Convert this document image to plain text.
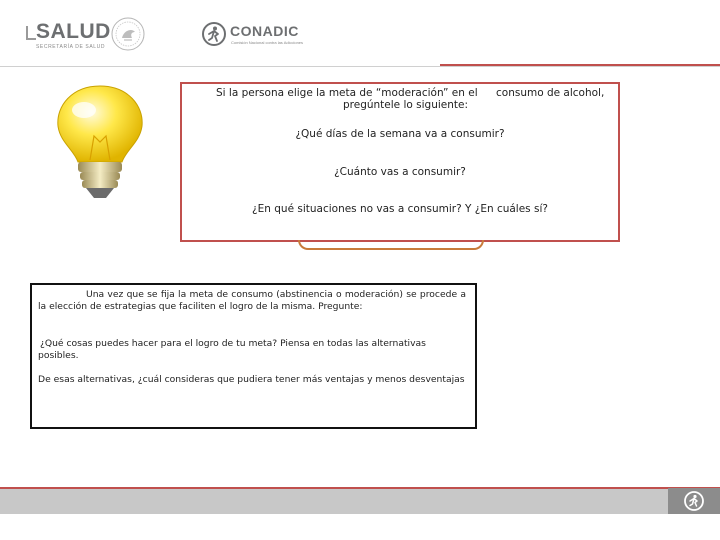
SALUD
SECRETARÍA DE SALUD
CONADIC
Comisión Nacional contra las Adicciones
Si la persona elige la meta de “moderación” en el	consumo de alcohol,
pregúntele lo siguiente:
¿Qué días de la semana va a consumir?
¿Cuánto vas a consumir?
¿En qué situaciones no vas a consumir? Y ¿En cuáles sí?
Una vez que se fija la meta de consumo (abstinencia o moderación) se procede a la elección de estrategias que faciliten el logro de la misma. Pregunte:
¿Qué cosas puedes hacer para el logro de tu meta? Piensa en todas las alternativas posibles.
De esas alternativas, ¿cuál consideras que pudiera tener más ventajas y menos desventajas
